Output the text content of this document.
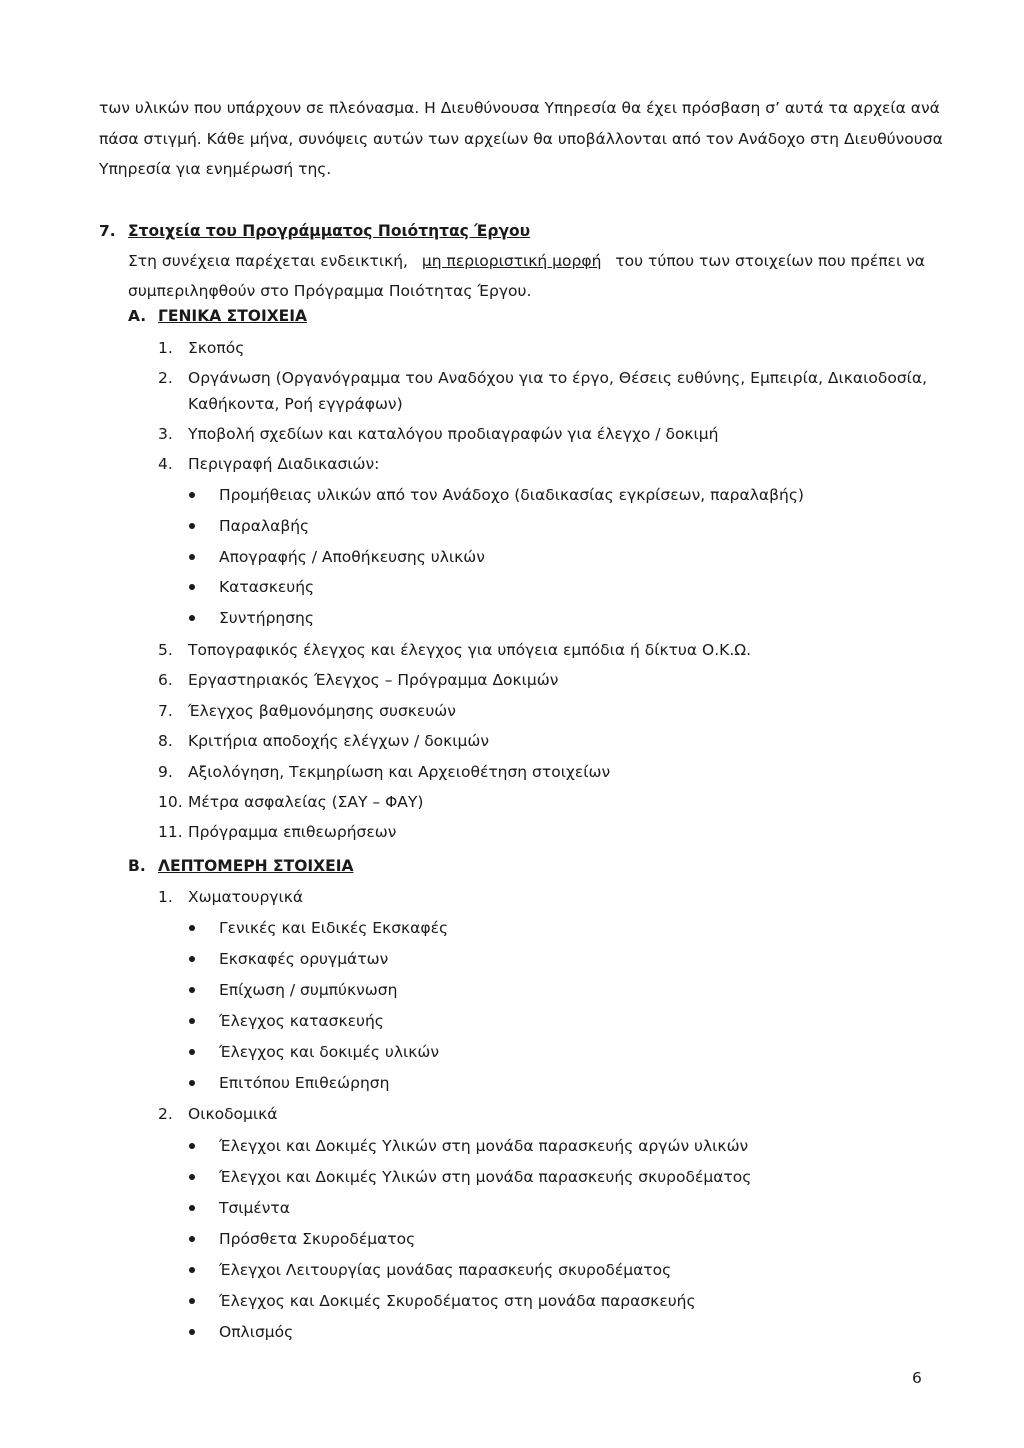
των υλικών που υπάρχουν σε πλεόνασμα. Η Διευθύνουσα Υπηρεσία θα έχει πρόσβαση σ’ αυτά τα αρχεία ανά
πάσα στιγμή. Κάθε μήνα, συνόψεις αυτών των αρχείων θα υποβάλλονται από τον Ανάδοχο στη Διευθύνουσα
Υπηρεσία για ενημέρωσή της.
7. Στοιχεία του Προγράμματος Ποιότητας Έργου
Στη συνέχεια παρέχεται ενδεικτική, μη περιοριστική μορφή του τύπου των στοιχείων που πρέπει να
συμπεριληφθούν στο Πρόγραμμα Ποιότητας Έργου.
A. ΓΕΝΙΚΑ ΣΤΟΙΧΕΙΑ
1. Σκοπός
2. Οργάνωση (Οργανόγραμμα του Αναδόχου για το έργο, Θέσεις ευθύνης, Εμπειρία, Δικαιοδοσία,
Καθήκοντα, Ροή εγγράφων)
3. Υποβολή σχεδίων και καταλόγου προδιαγραφών για έλεγχο / δοκιμή
4. Περιγραφή Διαδικασιών:
Προμήθειας υλικών από τον Ανάδοχο (διαδικασίας εγκρίσεων, παραλαβής)
Παραλαβής
Απογραφής / Αποθήκευσης υλικών
Κατασκευής
Συντήρησης
5. Τοπογραφικός έλεγχος και έλεγχος για υπόγεια εμπόδια ή δίκτυα Ο.Κ.Ω.
6. Εργαστηριακός Έλεγχος – Πρόγραμμα Δοκιμών
7. Έλεγχος βαθμονόμησης συσκευών
8. Κριτήρια αποδοχής ελέγχων / δοκιμών
9. Αξιολόγηση, Τεκμηρίωση και Αρχειοθέτηση στοιχείων
10. Μέτρα ασφαλείας (ΣΑΥ – ΦΑΥ)
11. Πρόγραμμα επιθεωρήσεων
Β. ΛΕΠΤΟΜΕΡΗ ΣΤΟΙΧΕΙΑ
1. Χωματουργικά
Γενικές και Ειδικές Εκσκαφές
Εκσκαφές ορυγμάτων
Επίχωση / συμπύκνωση
Έλεγχος κατασκευής
Έλεγχος και δοκιμές υλικών
Επιτόπου Επιθεώρηση
2. Οικοδομικά
Έλεγχοι και Δοκιμές Υλικών στη μονάδα παρασκευής αργών υλικών
Έλεγχοι και Δοκιμές Υλικών στη μονάδα παρασκευής σκυροδέματος
Τσιμέντα
Πρόσθετα Σκυροδέματος
Έλεγχοι Λειτουργίας μονάδας παρασκευής σκυροδέματος
Έλεγχος και Δοκιμές Σκυροδέματος στη μονάδα παρασκευής
Οπλισμός
6
